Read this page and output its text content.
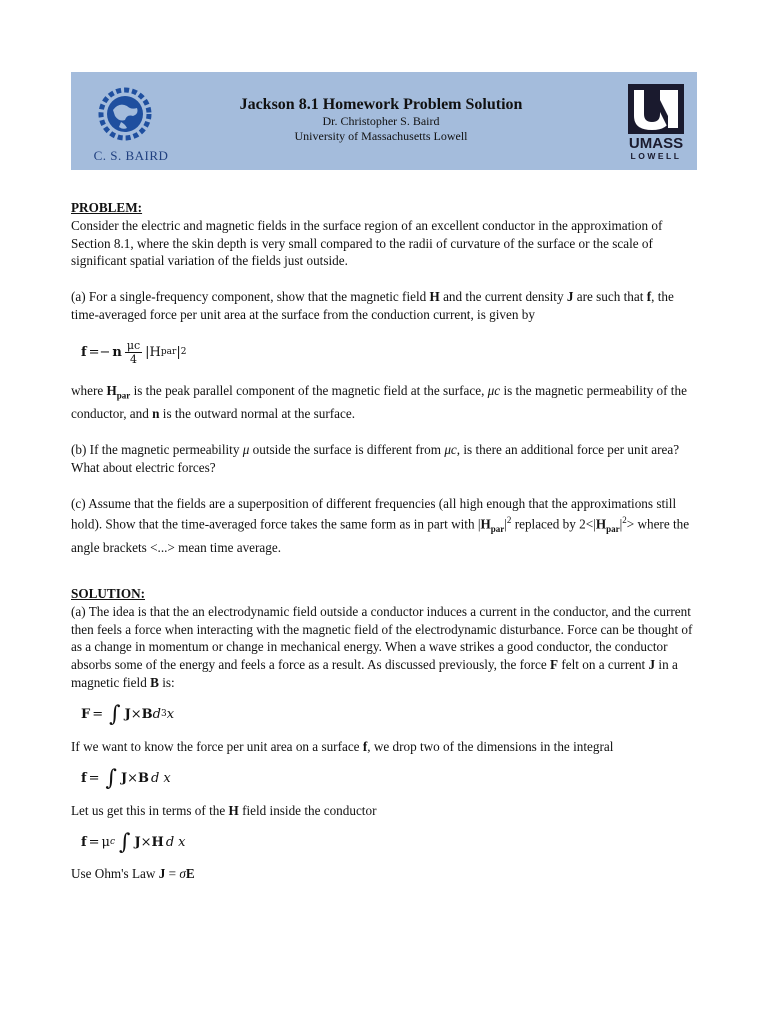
C. S. BAIRD
Jackson 8.1 Homework Problem Solution
Dr. Christopher S. Baird
University of Massachusetts Lowell	UMASS
LOWELL

PROBLEM:

Consider the electric and magnetic fields in the surface region of an excellent conductor in the approximation of Section 8.1, where the skin depth is very small compared to the radii of curvature of the surface or the scale of significant spatial variation of the fields just outside.

(a) For a single-frequency component, show that the magnetic field H and the current density J are such that f, the time-averaged force per unit area at the surface from the conduction current, is given by

f =− n $\frac{\mu c}{4} |H$ par | 2

where $H_{par}$ is the peak parallel component of the magnetic field at the surface, μc is the magnetic permeability of the conductor, and n is the outward normal at the surface.

(b) If the magnetic permeability μ outside the surface is different from μc, is there an additional force per unit area? What about electric forces?

(c) Assume that the fields are a superposition of different frequencies (all high enough that the approximations still hold). Show that the time-averaged force takes the same form as in part with $|H_{par}|^2$ replaced by $2<|H_{par}|^2>$ where the angle brackets <...> mean time average.

SOLUTION:

(a) The idea is that the an electrodynamic field outside a conductor induces a current in the conductor, and the current then feels a force when interacting with the magnetic field of the electrodynamic disturbance. Force can be thought of as a change in momentum or change in mechanical energy. When a wave strikes a good conductor, the conductor absorbs some of the energy and feels a force as a result. As discussed previously, the force F felt on a current J in a magnetic field B is:

F = ∫ J × B d 3 x

If we want to know the force per unit area on a surface f, we drop two of the dimensions in the integral

f = ∫ J × B d x

Let us get this in terms of the H field inside the conductor

f = μ c ∫ J × H d x

Use Ohm's Law J = σE
